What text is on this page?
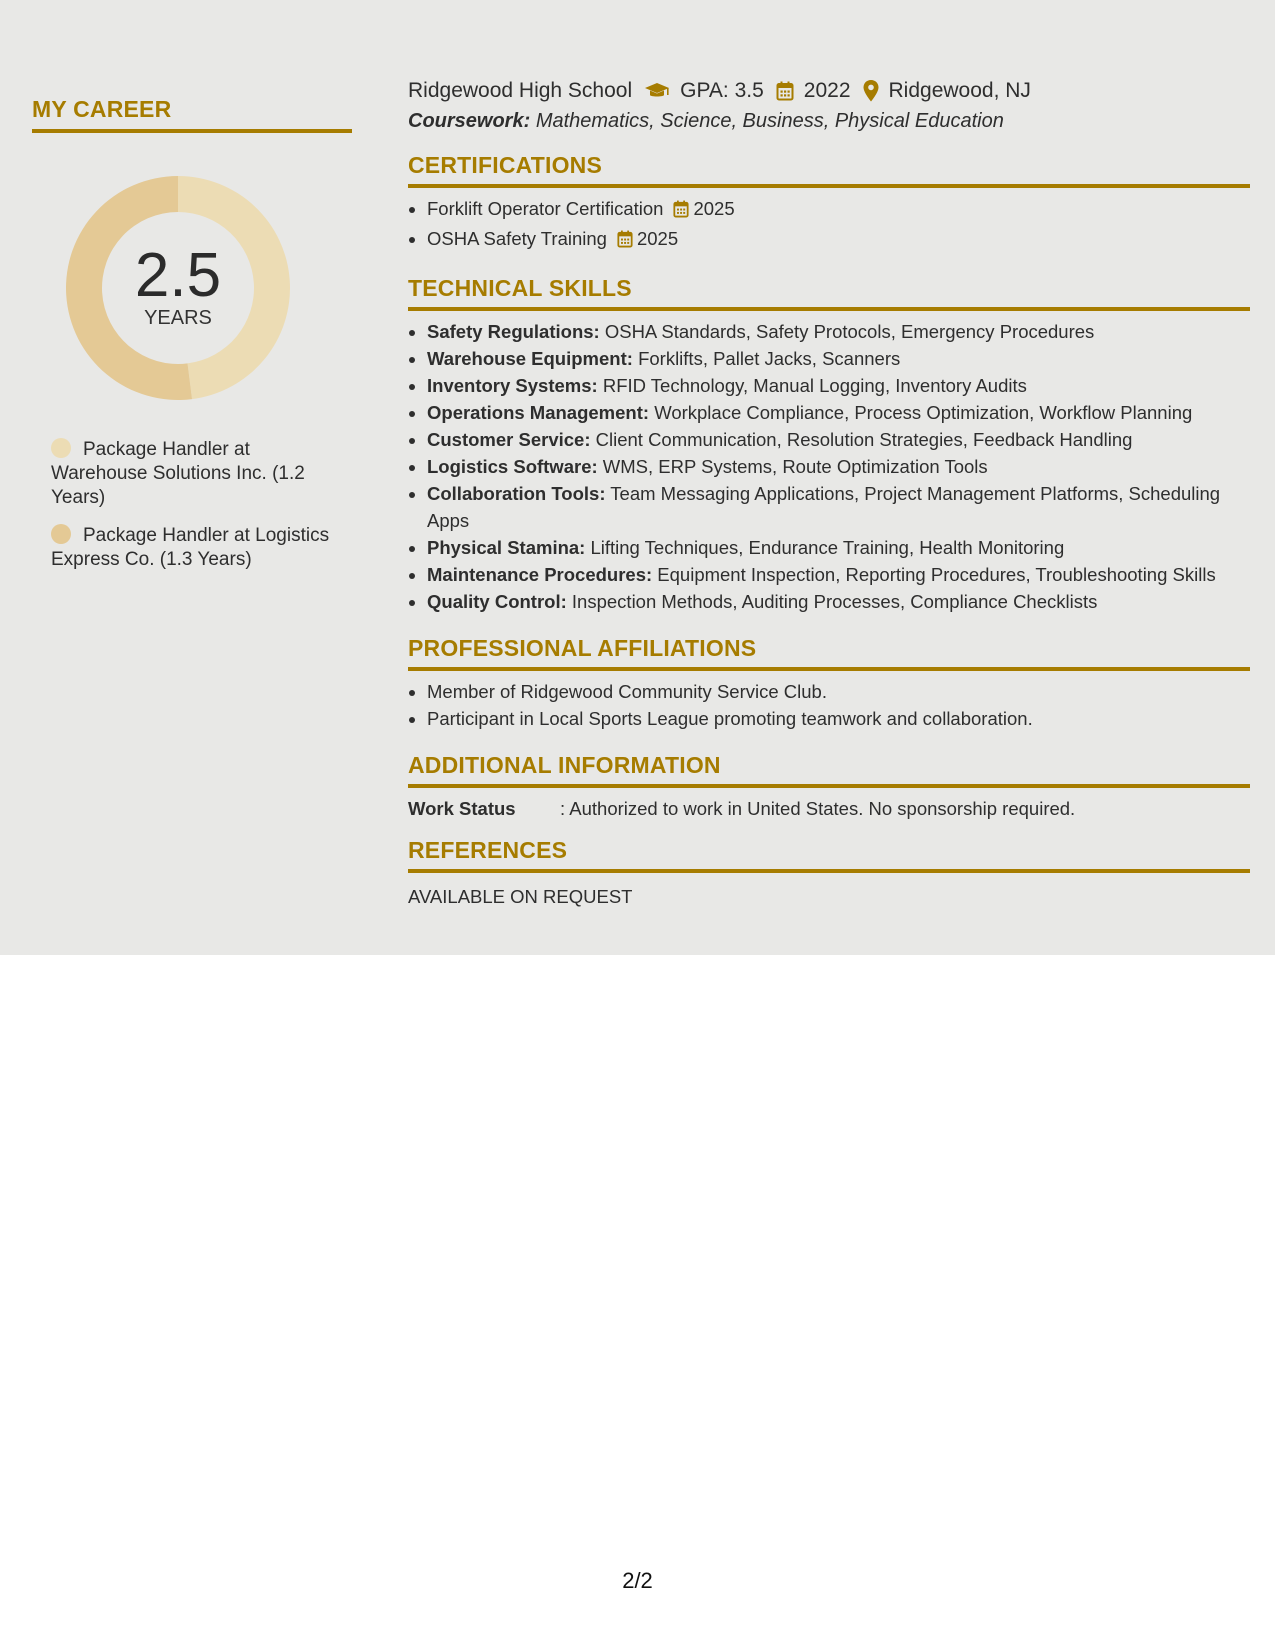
MY CAREER
2.5
YEARS
Package Handler at Warehouse Solutions Inc. (1.2 Years)
Package Handler at Logistics Express Co. (1.3 Years)
Ridgewood High School GPA: 3.5 2022 Ridgewood, NJ
Coursework: Mathematics, Science, Business, Physical Education
CERTIFICATIONS
• Forklift Operator Certification 2025
• OSHA Safety Training 2025
TECHNICAL SKILLS
• Safety Regulations: OSHA Standards, Safety Protocols, Emergency Procedures
• Warehouse Equipment: Forklifts, Pallet Jacks, Scanners
• Inventory Systems: RFID Technology, Manual Logging, Inventory Audits
• Operations Management: Workplace Compliance, Process Optimization, Workflow Planning
• Customer Service: Client Communication, Resolution Strategies, Feedback Handling
• Logistics Software: WMS, ERP Systems, Route Optimization Tools
• Collaboration Tools: Team Messaging Applications, Project Management Platforms, Scheduling Apps
• Physical Stamina: Lifting Techniques, Endurance Training, Health Monitoring
• Maintenance Procedures: Equipment Inspection, Reporting Procedures, Troubleshooting Skills
• Quality Control: Inspection Methods, Auditing Processes, Compliance Checklists
PROFESSIONAL AFFILIATIONS
• Member of Ridgewood Community Service Club.
• Participant in Local Sports League promoting teamwork and collaboration.
ADDITIONAL INFORMATION
Work Status : Authorized to work in United States. No sponsorship required.
REFERENCES
AVAILABLE ON REQUEST
2/2
